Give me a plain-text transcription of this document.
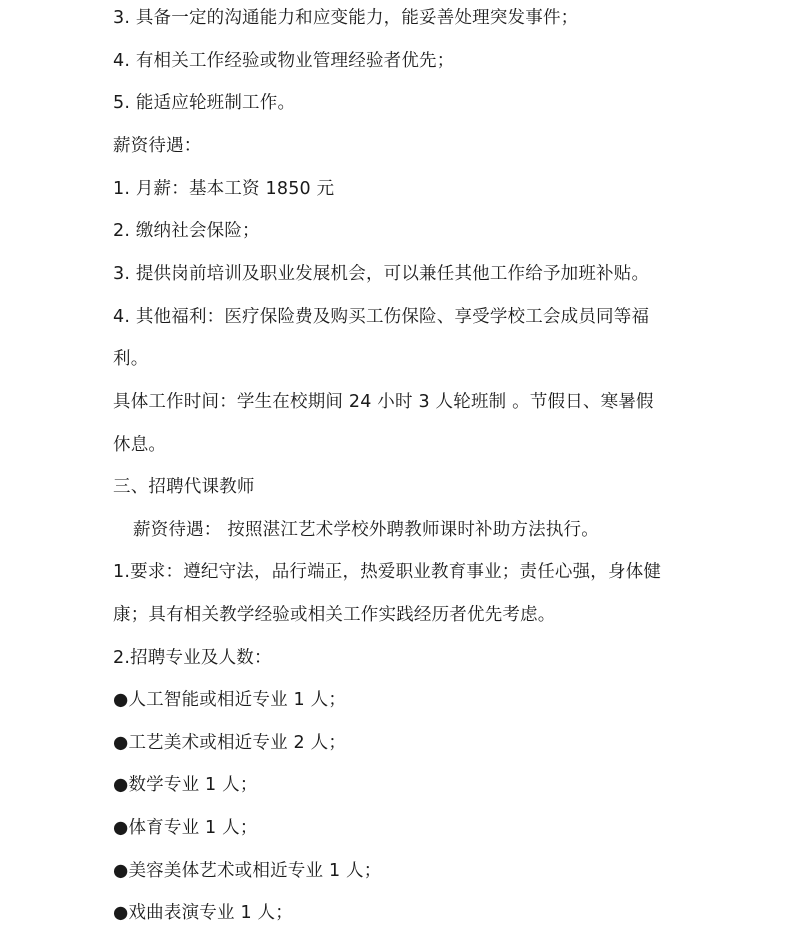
3. 具备一定的沟通能力和应变能力，能妥善处理突发事件；
4. 有相关工作经验或物业管理经验者优先；
5. 能适应轮班制工作。
薪资待遇：
1. 月薪：基本工资 1850 元
2. 缴纳社会保险；
3. 提供岗前培训及职业发展机会，可以兼任其他工作给予加班补贴。
4. 其他福利：医疗保险费及购买工伤保险、享受学校工会成员同等福
利。
具体工作时间：学生在校期间 24 小时 3 人轮班制 。节假日、寒暑假
休息。
三、招聘代课教师
薪资待遇： 按照湛江艺术学校外聘教师课时补助方法执行。
1.要求：遵纪守法，品行端正，热爱职业教育事业；责任心强，身体健
康；具有相关教学经验或相关工作实践经历者优先考虑。
2.招聘专业及人数：
●人工智能或相近专业 1 人；
●工艺美术或相近专业 2 人；
●数学专业 1 人；
●体育专业 1 人；
●美容美体艺术或相近专业 1 人；
●戏曲表演专业 1 人；
